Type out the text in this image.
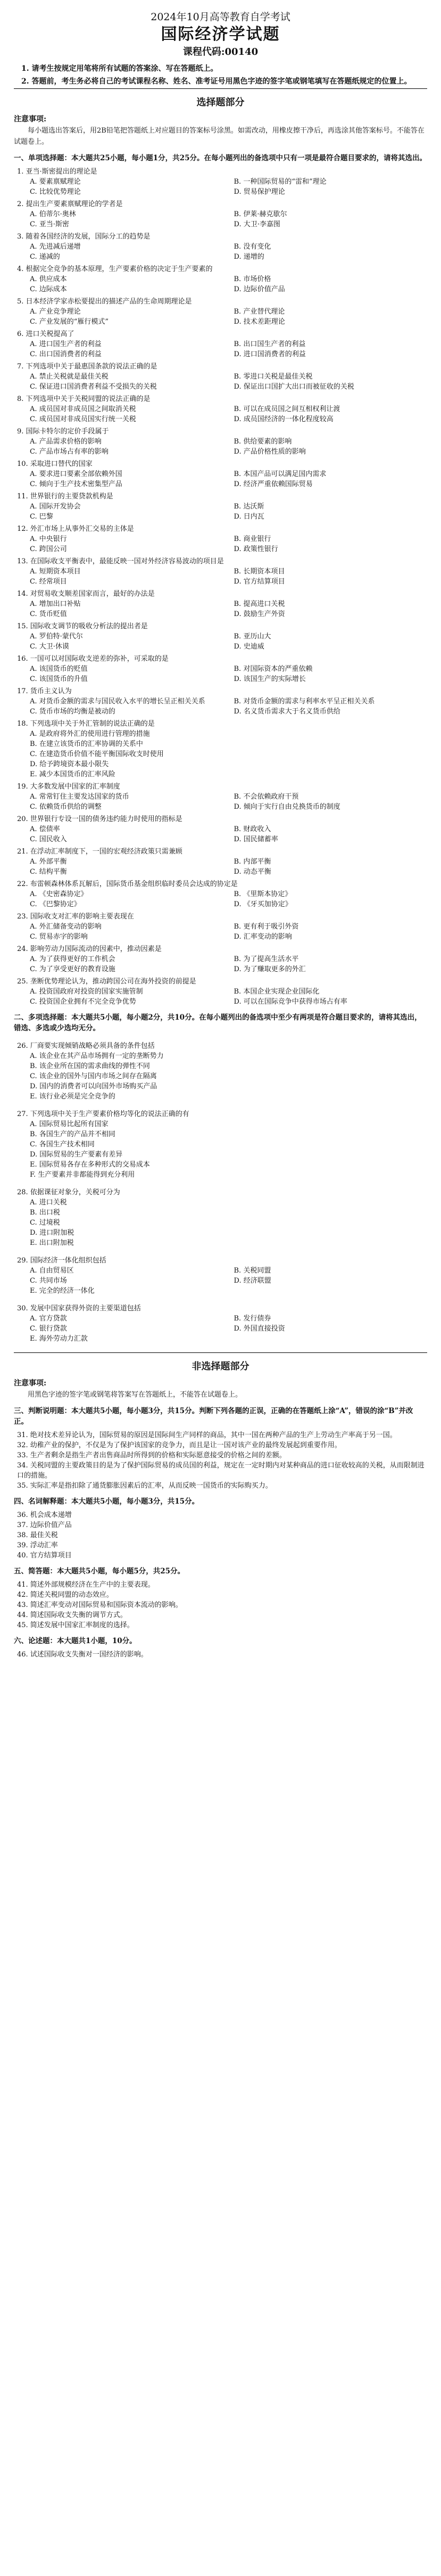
2024年10月高等教育自学考试
国际经济学试题
课程代码:00140

1. 请考生按规定用笔将所有试题的答案涂、写在答题纸上。

2. 答题前，考生务必将自己的考试课程名称、姓名、准考证号用黑色字迹的签字笔或钢笔填写在答题纸规定的位置上。

选择题部分
注意事项:
每小题选出答案后，用2B铅笔把答题纸上对应题目的答案标号涂黑。如需改动，用橡皮擦干净后，再选涂其他答案标号。不能答在试题卷上。
一、单项选择题：本大题共25小题，每小题1分，共25分。在每小题列出的备选项中只有一项是最符合题目要求的，请将其选出。
1. 亚当·斯密提出的理论是
A. 要素禀赋理论	B. 一种国际贸易的“雷和”理论
C. 比较优势理论	D. 贸易保护理论
2. 提出生产要素禀赋理论的学者是
A. 伯蒂尔·奥林	B. 伊莱·赫克歇尔
C. 亚当·斯密	D. 大卫·李嘉图
3. 随着各国经济的发展，国际分工的趋势是
A. 先进减后递增	B. 没有变化
C. 递减的	D. 递增的
4. 根据完全竞争的基本原理，生产要素价格的决定于生产要素的
A. 供应成本	B. 市场价格
C. 边际成本	D. 边际价值产品
5. 日本经济学家赤松要提出的描述产品的生命周期理论是
A. 产业竞争理论	B. 产业替代理论
C. 产业发展的“雁行模式”	D. 技术差距理论
6. 进口关税提高了
A. 进口国生产者的利益	B. 出口国生产者的利益
C. 出口国消费者的利益	D. 进口国消费者的利益
7. 下列选项中关于最惠国条款的说法正确的是
A. 禁止关税就是最佳关税	B. 零进口关税是最佳关税
C. 保证进口国消费者利益不受损失的关税	D. 保证出口国扩大出口而被征收的关税
8. 下列选项中关于关税同盟的说法正确的是
A. 成员国对非成员国之间取消关税	B. 可以在成员国之间互相权利让渡
C. 成员国对非成员国实行统一关税	D. 成员国经济的一体化程度较高
9. 国际卡特尔的定价手段属于
A. 产品需求价格的影响	B. 供给要素的影响
C. 产品市场占有率的影响	D. 产品价格性质的影响
10. 采取进口替代的国家
A. 要求进口要素全部依赖外国	B. 本国产品可以满足国内需求
C. 倾向于生产技术密集型产品	D. 经济严重依赖国际贸易
11. 世界银行的主要贷款机构是
A. 国际开发协会	B. 达沃斯
C. 巴黎	D. 日内瓦
12. 外汇市场上从事外汇交易的主体是
A. 中央银行	B. 商业银行
C. 跨国公司	D. 政策性银行
13. 在国际收支平衡表中，最能反映一国对外经济容易波动的项目是
A. 短期资本项目	B. 长期资本项目
C. 经常项目	D. 官方结算项目
14. 对贸易收支顺差国家而言，最好的办法是
A. 增加出口补贴	B. 提高进口关税
C. 货币贬值	D. 鼓励生产外资
15. 国际收支调节的吸收分析法的提出者是
A. 罗伯特·蒙代尔	B. 亚历山大
C. 大卫·休谟	D. 史迪威
16. 一国可以对国际收支逆差的弥补，可采取的是
A. 该国货币的贬值	B. 对国际资本的严重依赖
C. 该国货币的升值	D. 该国生产的实际增长
17. 货币主义认为
A. 对货币金额的需求与国民收入水平的增长呈正相关关系	B. 对货币金额的需求与利率水平呈正相关关系
C. 货币市场的均衡是被动的	D. 名义货币需求大于名义货币供给
18. 下列选项中关于外汇管制的说法正确的是
A. 是政府将外汇的使用进行管理的措施
B. 在建立该货币的汇率协调的关系中
C. 在建造货币价值不能平衡国际收支时使用
D. 给予跨境资本最小限失
E. 减少本国货币的汇率风险
19. 大多数发展中国家的汇率制度
A. 常常钉住主要发达国家的货币	B. 不会依赖政府干预
C. 依赖货币供给的调整	D. 倾向于实行自由兑换货币的制度
20. 世界银行专设一国的债务违约能力时使用的指标是
A. 偿债率	B. 财政收入
C. 国民收入	D. 国民储蓄率
21. 在浮动汇率制度下，一国的宏观经济政策只需兼顾
A. 外部平衡	B. 内部平衡
C. 结构平衡	D. 动态平衡
22. 布雷顿森林体系瓦解后，国际货币基金组织临时委员会达成的协定是
A. 《史密森协定》	B. 《里斯本协定》
C. 《巴黎协定》	D. 《牙买加协定》
23. 国际收支对汇率的影响主要表现在
A. 外汇储备变动的影响	B. 更有利于吸引外资
C. 贸易赤字的影响	D. 汇率变动的影响
24. 影响劳动力国际流动的因素中，推动因素是
A. 为了获得更好的工作机会	B. 为了提高生活水平
C. 为了享受更好的教育设施	D. 为了赚取更多的外汇
25. 垄断优势理论认为，推动跨国公司在海外投资的前提是
A. 投资国政府对投资的国家实施管制	B. 本国企业实现企业国际化
C. 投资国企业拥有不完全竞争优势	D. 可以在国际竞争中获得市场占有率
二、多项选择题：本大题共5小题，每小题2分，共10分。在每小题列出的备选项中至少有两项是符合题目要求的，请将其选出，错选、多选或少选均无分。
26. 厂商要实现倾销战略必须具备的条件包括
A. 该企业在其产品市场拥有一定的垄断势力
B. 该企业所在国的需求曲线的弹性不同
C. 该企业的国外与国内市场之间存在隔离
D. 国内的消费者可以向国外市场购买产品
E. 该行业必须是完全竞争的
27. 下列选项中关于生产要素价格均等化的说法正确的有
A. 国际贸易比起所有国家
B. 各国生产的产品并不相同
C. 各国生产技术相同
D. 国际贸易的生产要素有差异
E. 国际贸易各存在多种形式的交易成本
F. 生产要素并非都能得到充分利用
28. 依据课征对象分，关税可分为
A. 进口关税
B. 出口税
C. 过境税
D. 进口附加税
E. 出口附加税
29. 国际经济一体化组织包括
A. 自由贸易区	B. 关税同盟
C. 共同市场	D. 经济联盟
E. 完全的经济一体化
30. 发展中国家获得外资的主要渠道包括
A. 官方贷款	B. 发行债券
C. 银行贷款	D. 外国直接投资
E. 海外劳动力汇款
非选择题部分
注意事项:
用黑色字迹的签字笔或钢笔将答案写在答题纸上，不能答在试题卷上。
三、判断说明题：本大题共5小题，每小题3分，共15分。判断下列各题的正误，正确的在答题纸上涂“A”，错误的涂“B”并改正。
31. 绝对技术差异论认为，国际贸易的原因是国际间生产同样的商品，其中一国在两种产品的生产上劳动生产率高于另一国。
32. 幼稚产业的保护，不仅是为了保护该国家的竞争力，而且是让一国对该产业的最终发展起到重要作用。
33. 生产者剩余是指生产者出售商品时所得到的价格和实际愿意接受的价格之间的差额。
34. 关税同盟的主要政策目的是为了保护国际贸易的成员国的利益，规定在一定时期内对某种商品的进口征收较高的关税，从而限制进口的措施。
35. 实际汇率是指扣除了通货膨胀因素后的汇率，从而反映一国货币的实际购买力。
四、名词解释题：本大题共5小题，每小题3分，共15分。
36. 机会成本递增
37. 边际价值产品
38. 最佳关税
39. 浮动汇率
40. 官方结算项目
五、简答题：本大题共5小题，每小题5分，共25分。
41. 简述外部规模经济在生产中的主要表现。
42. 简述关税同盟的动态效应。
43. 简述汇率变动对国际贸易和国际资本流动的影响。
44. 简述国际收支失衡的调节方式。
45. 简述发展中国家汇率制度的选择。
六、论述题：本大题共1小题，10分。
46. 试述国际收支失衡对一国经济的影响。
